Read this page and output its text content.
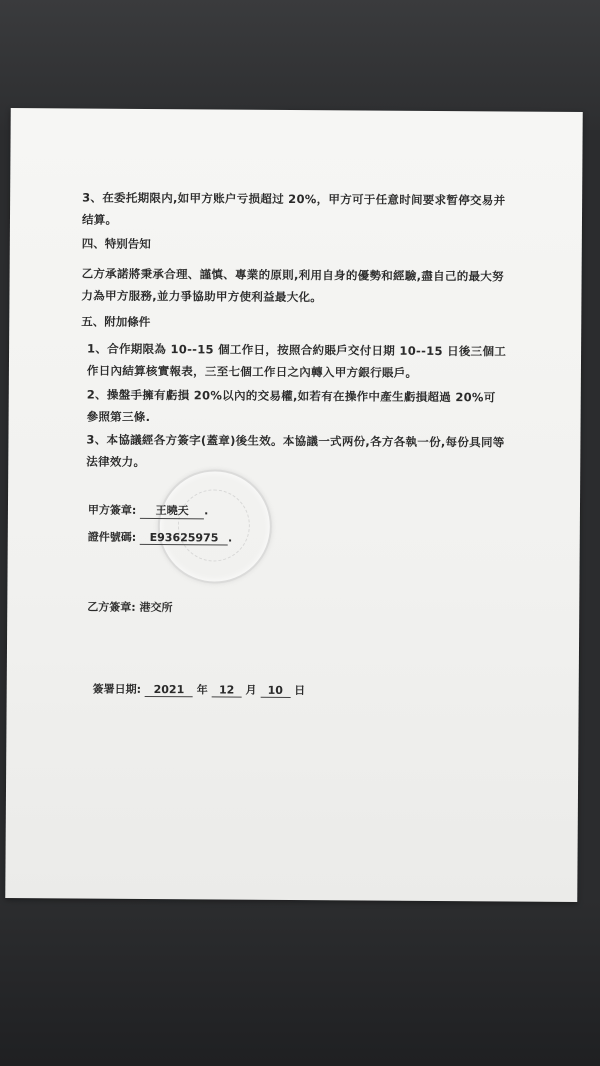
3、在委托期限内,如甲方账户亏损超过 20%，甲方可于任意时间要求暂停交易并结算。
四、特别告知
乙方承諾將秉承合理、謹慎、專業的原則,利用自身的優勢和經驗,盡自己的最大努力為甲方服務,並力爭協助甲方使利益最大化。
五、附加條件
1、合作期限為 10--15 個工作日，按照合約賬戶交付日期 10--15 日後三個工作日內結算核實報表，三至七個工作日之內轉入甲方銀行賬戶。
2、操盤手擁有虧損 20%以內的交易權,如若有在操作中產生虧損超過 20%可參照第三條.
3、本協議經各方簽字(蓋章)後生效。本協議一式两份,各方各執一份,每份具同等法律效力。
甲方簽章: 王曉天 .
證件號碼: E93625975 .
乙方簽章: 港交所
簽署日期: 2021 年 12 月 10 日
